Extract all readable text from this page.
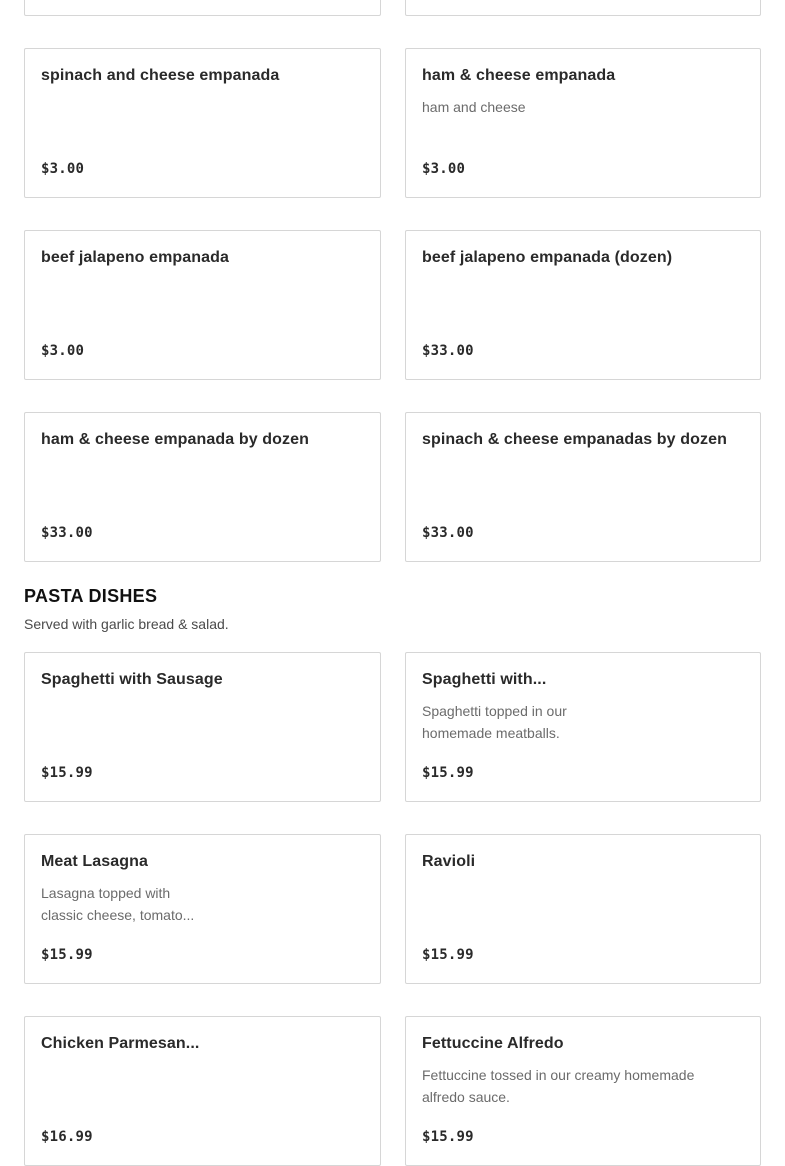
spinach and cheese empanada
$3.00
ham & cheese empanada
ham and cheese
$3.00
beef jalapeno empanada
$3.00
beef jalapeno empanada (dozen)
$33.00
ham & cheese empanada by dozen
$33.00
spinach & cheese empanadas by dozen
$33.00
PASTA DISHES
Served with garlic bread & salad.
Spaghetti with Sausage
$15.99
Spaghetti with...
Spaghetti topped in our
homemade meatballs.
$15.99
Meat Lasagna
Lasagna topped with
classic cheese, tomato...
$15.99
Ravioli
$15.99
Chicken Parmesan...
$16.99
Fettuccine Alfredo
Fettuccine tossed in our creamy homemade
alfredo sauce.
$15.99
